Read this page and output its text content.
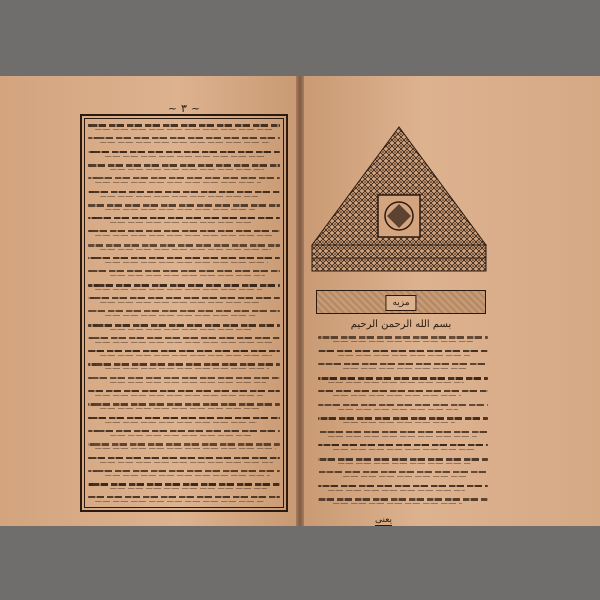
~ ٣ ~
مزیه
بسم الله الرحمن الرحیم
یعنی
